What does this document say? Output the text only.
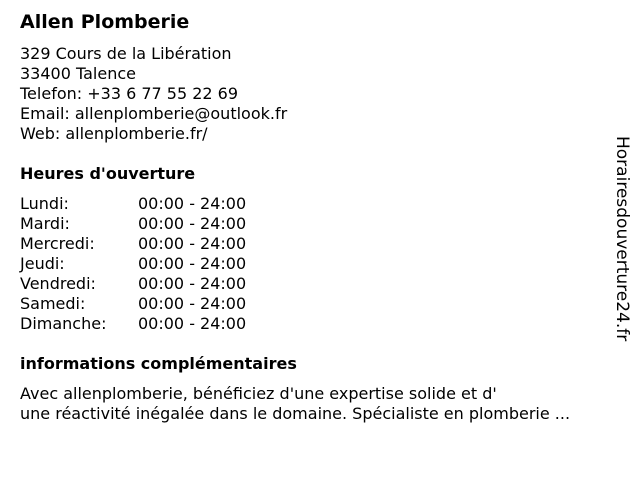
Allen Plomberie
329 Cours de la Libération
33400 Talence
Telefon: +33 6 77 55 22 69
Email: allenplomberie@outlook.fr
Web: allenplomberie.fr/
Heures d'ouverture
Lundi:	00:00 - 24:00
Mardi:	00:00 - 24:00
Mercredi:	00:00 - 24:00
Jeudi:	00:00 - 24:00
Vendredi:	00:00 - 24:00
Samedi:	00:00 - 24:00
Dimanche: 00:00 - 24:00
informations complémentaires
Avec allenplomberie, bénéficiez d'une expertise solide et d'
une réactivité inégalée dans le domaine. Spécialiste en plomberie ...
Horairesdouverture24.fr
